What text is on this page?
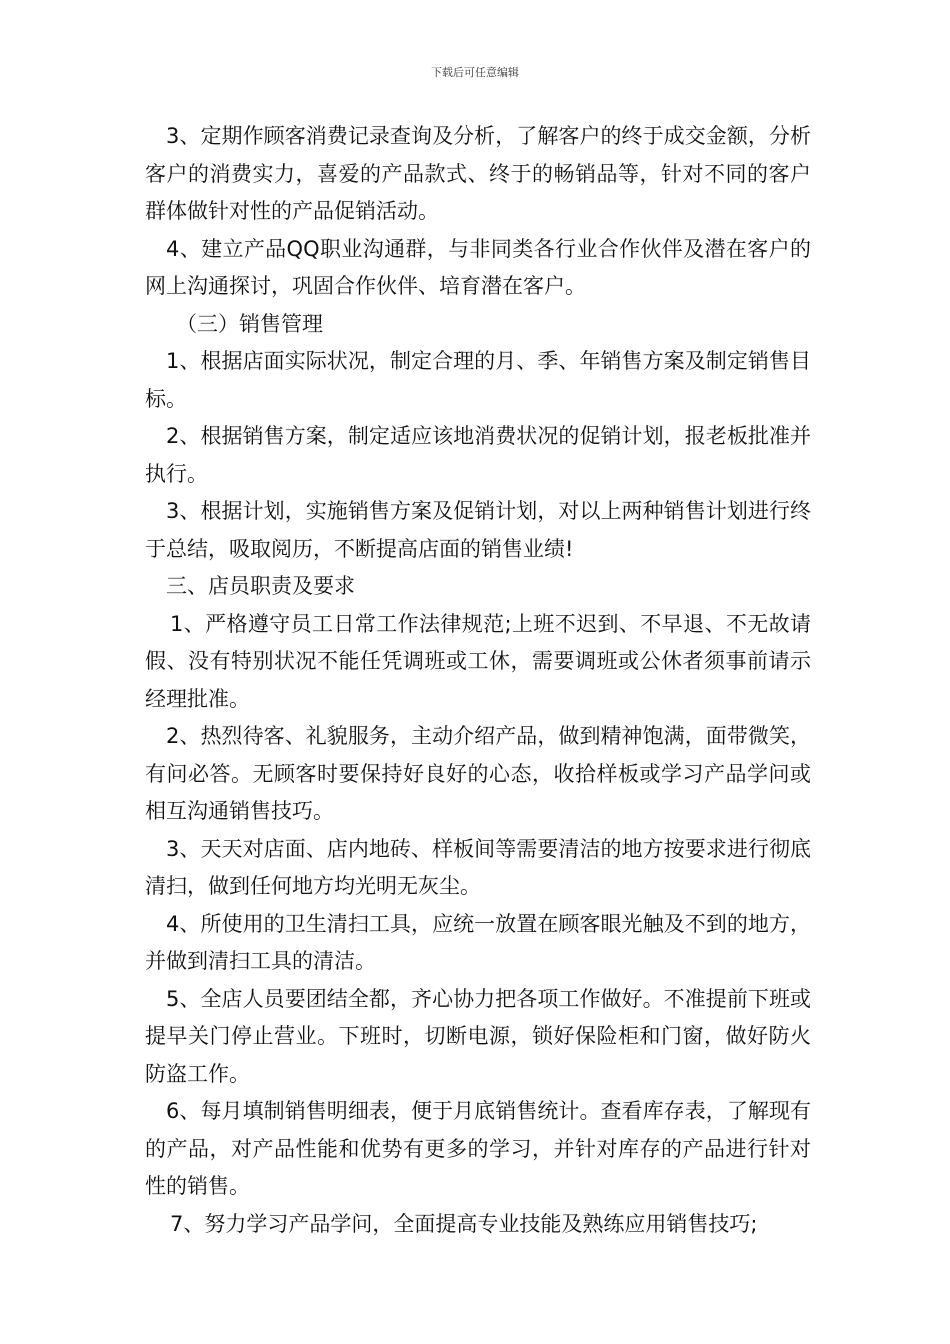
下载后可任意编辑

3、定期作顾客消费记录查询及分析，了解客户的终于成交金额，分析客户的消费实力，喜爱的产品款式、终于的畅销品等，针对不同的客户群体做针对性的产品促销活动。

4、建立产品QQ职业沟通群，与非同类各行业合作伙伴及潜在客户的网上沟通探讨，巩固合作伙伴、培育潜在客户。

（三）销售管理

1、根据店面实际状况，制定合理的月、季、年销售方案及制定销售目标。

2、根据销售方案，制定适应该地消费状况的促销计划，报老板批准并执行。

3、根据计划，实施销售方案及促销计划，对以上两种销售计划进行终于总结，吸取阅历，不断提高店面的销售业绩!

三、店员职责及要求

1、严格遵守员工日常工作法律规范;上班不迟到、不早退、不无故请假、没有特别状况不能任凭调班或工休，需要调班或公休者须事前请示经理批准。

2、热烈待客、礼貌服务，主动介绍产品，做到精神饱满，面带微笑，有问必答。无顾客时要保持好良好的心态，收拾样板或学习产品学问或相互沟通销售技巧。

3、天天对店面、店内地砖、样板间等需要清洁的地方按要求进行彻底清扫，做到任何地方均光明无灰尘。

4、所使用的卫生清扫工具，应统一放置在顾客眼光触及不到的地方，并做到清扫工具的清洁。

5、全店人员要团结全都，齐心协力把各项工作做好。不准提前下班或提早关门停止营业。下班时，切断电源，锁好保险柜和门窗，做好防火防盗工作。

6、每月填制销售明细表，便于月底销售统计。查看库存表，了解现有的产品，对产品性能和优势有更多的学习，并针对库存的产品进行针对性的销售。

7、努力学习产品学问，全面提高专业技能及熟练应用销售技巧;
